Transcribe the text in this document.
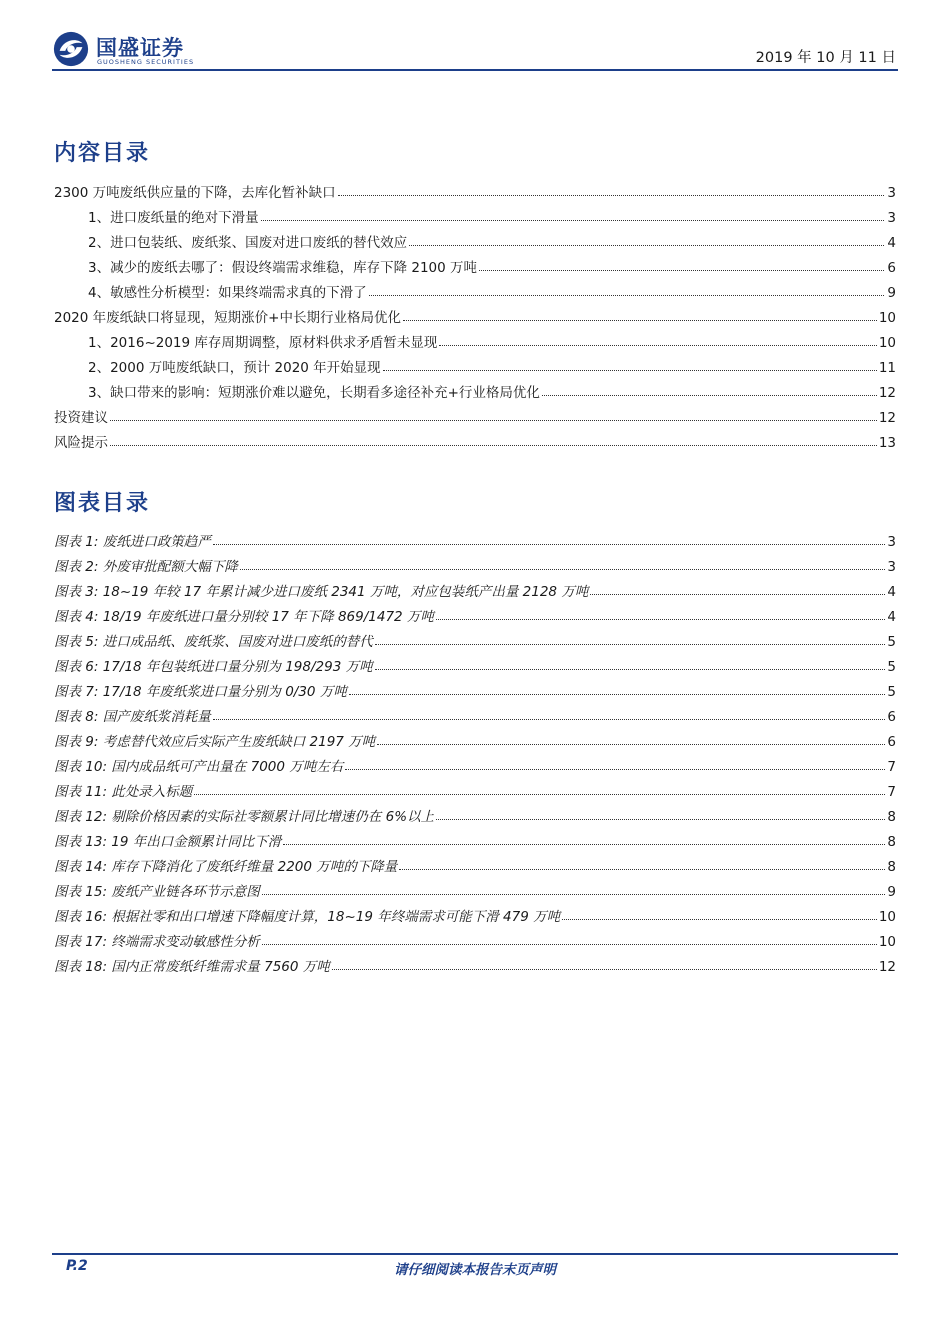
国盛证券
GUOSHENG SECURITIES	2019 年 10 月 11 日
内容目录
2300 万吨废纸供应量的下降，去库化暂补缺口	3
1、进口废纸量的绝对下滑量	3
2、进口包装纸、废纸浆、国废对进口废纸的替代效应	4
3、减少的废纸去哪了：假设终端需求维稳，库存下降 2100 万吨	6
4、敏感性分析模型：如果终端需求真的下滑了	9
2020 年废纸缺口将显现，短期涨价+中长期行业格局优化	10
1、2016~2019 库存周期调整，原材料供求矛盾暂未显现	10
2、2000 万吨废纸缺口，预计 2020 年开始显现	11
3、缺口带来的影响：短期涨价难以避免，长期看多途径补充+行业格局优化	12
投资建议	12
风险提示	13
图表目录
图表 1: 废纸进口政策趋严	3
图表 2: 外废审批配额大幅下降	3
图表 3: 18~19 年较 17 年累计减少进口废纸 2341 万吨，对应包装纸产出量 2128 万吨	4
图表 4: 18/19 年废纸进口量分别较 17 年下降 869/1472 万吨	4
图表 5: 进口成品纸、废纸浆、国废对进口废纸的替代	5
图表 6: 17/18 年包装纸进口量分别为 198/293 万吨	5
图表 7: 17/18 年废纸浆进口量分别为 0/30 万吨	5
图表 8: 国产废纸浆消耗量	6
图表 9: 考虑替代效应后实际产生废纸缺口 2197 万吨	6
图表 10: 国内成品纸可产出量在 7000 万吨左右	7
图表 11: 此处录入标题	7
图表 12: 剔除价格因素的实际社零额累计同比增速仍在 6%以上	8
图表 13: 19 年出口金额累计同比下滑	8
图表 14: 库存下降消化了废纸纤维量 2200 万吨的下降量	8
图表 15: 废纸产业链各环节示意图	9
图表 16: 根据社零和出口增速下降幅度计算，18~19 年终端需求可能下滑 479 万吨	10
图表 17: 终端需求变动敏感性分析	10
图表 18: 国内正常废纸纤维需求量 7560 万吨	12
P.2	请仔细阅读本报告末页声明
